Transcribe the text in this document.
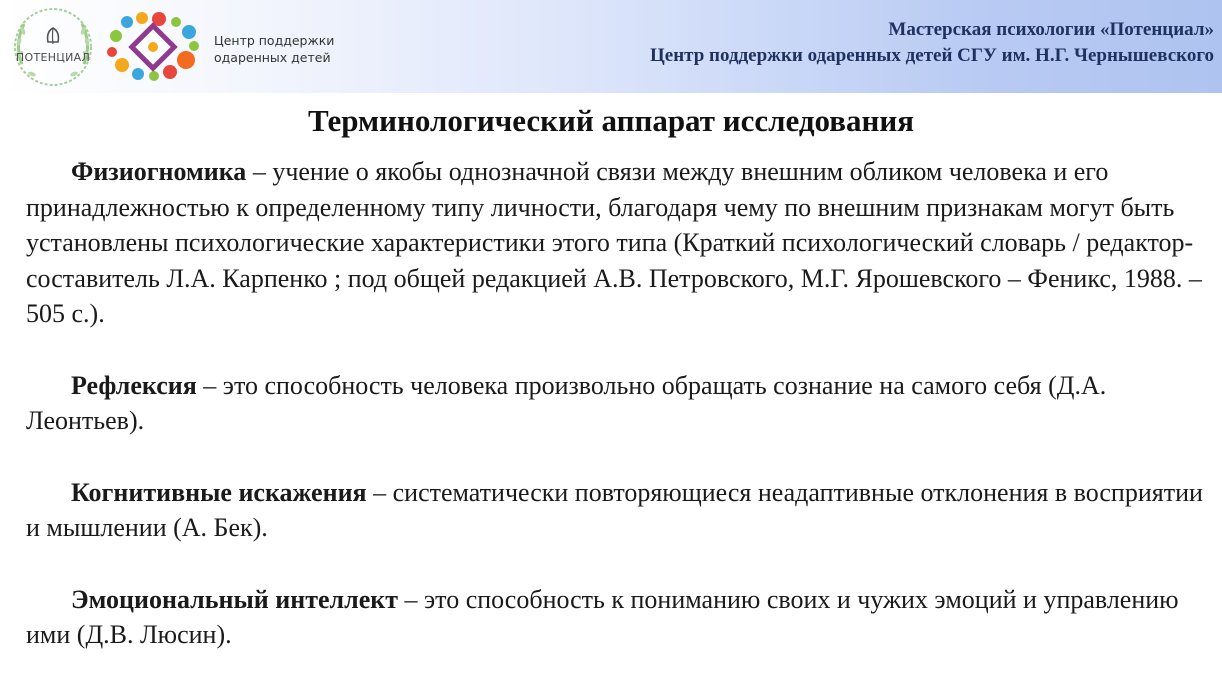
ПОТЕНЦИАЛ
Центр поддержки
одаренных детей
Мастерская психологии «Потенциал»
Центр поддержки одаренных детей СГУ им. Н.Г. Чернышевского
Терминологический аппарат исследования

Физиогномика – учение о якобы однозначной связи между внешним обликом человека и его принадлежностью к определенному типу личности, благодаря чему по внешним признакам могут быть установлены психологические характеристики этого типа (Краткий психологический словарь / редактор-составитель Л.А. Карпенко ; под общей редакцией А.В. Петровского, М.Г. Ярошевского – Феникс, 1988. – 505 с.).

Рефлексия – это способность человека произвольно обращать сознание на самого себя (Д.А. Леонтьев).

Когнитивные искажения – систематически повторяющиеся неадаптивные отклонения в восприятии и мышлении (А. Бек).

Эмоциональный интеллект – это способность к пониманию своих и чужих эмоций и управлению ими (Д.В. Люсин).
